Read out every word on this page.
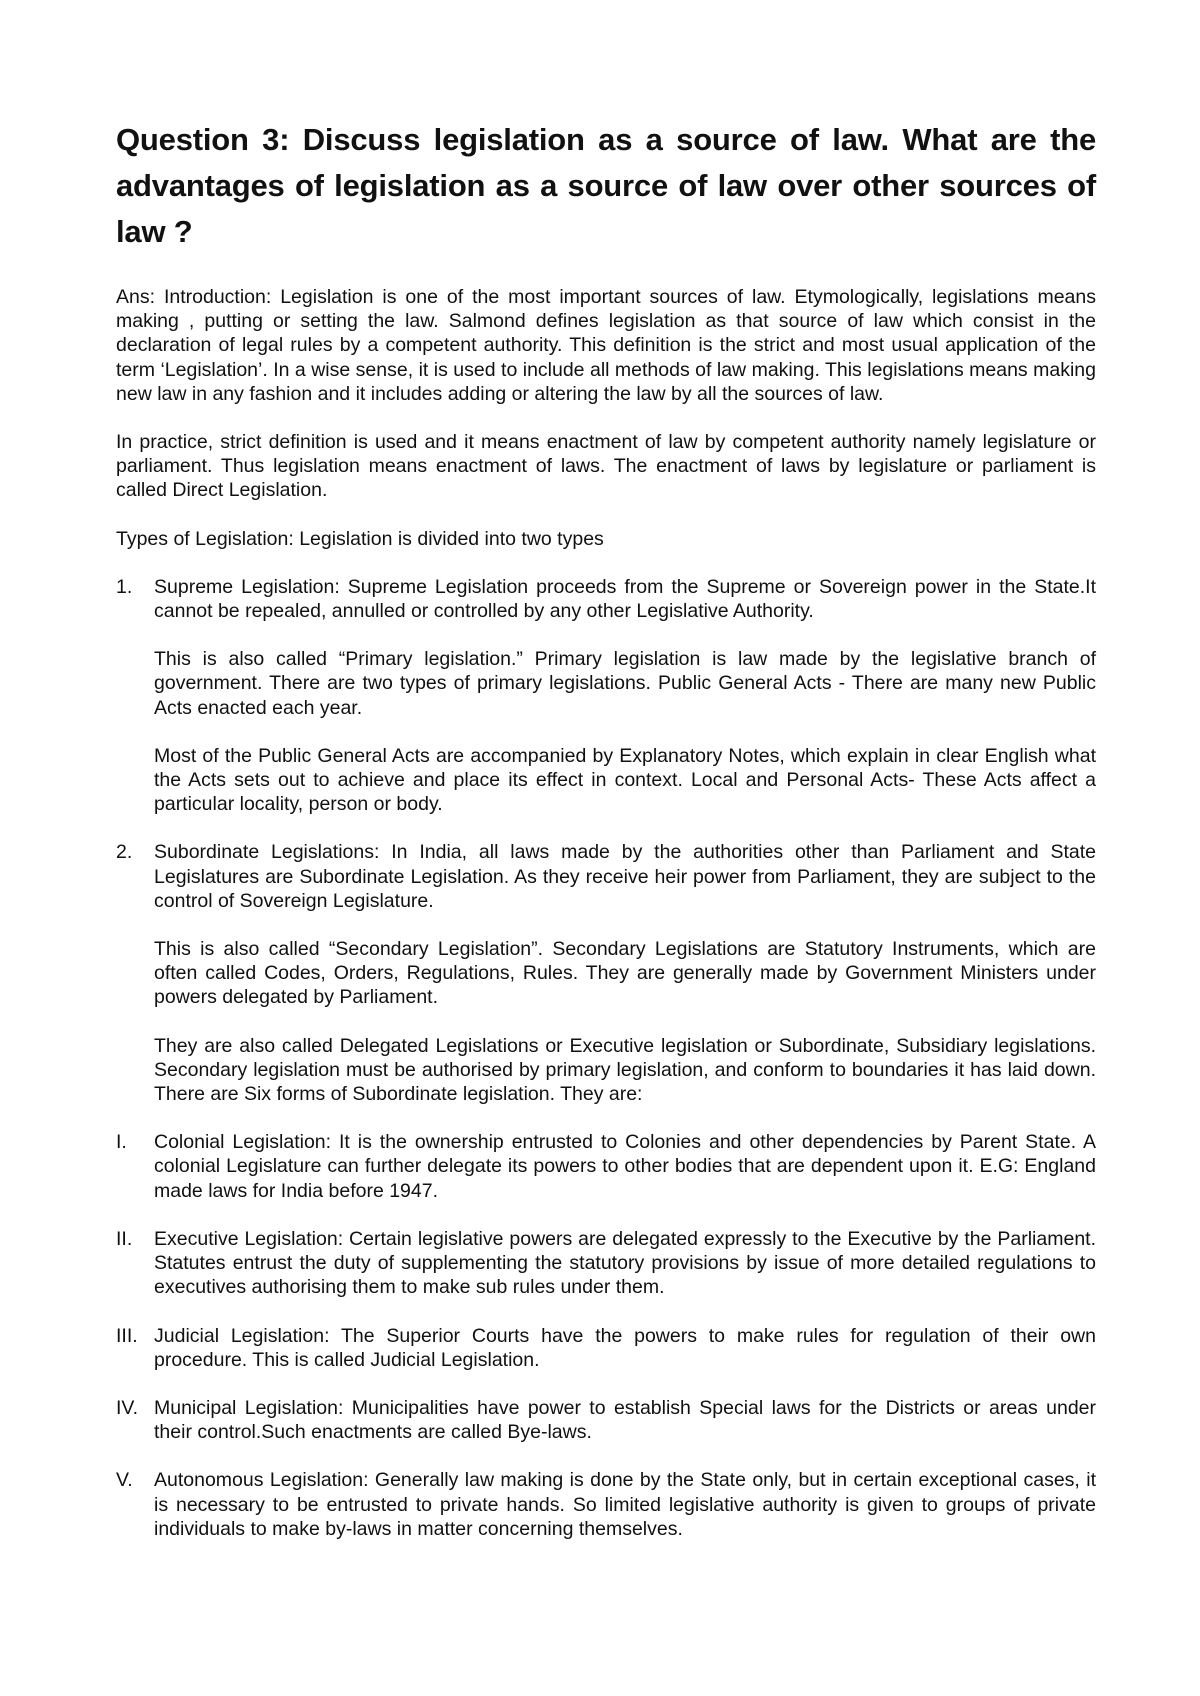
Question 3: Discuss legislation as a source of law. What are the advantages of legislation as a source of law over other sources of law ?

Ans: Introduction: Legislation is one of the most important sources of law. Etymologically, legislations means making , putting or setting the law. Salmond defines legislation as that source of law which consist in the declaration of legal rules by a competent authority. This definition is the strict and most usual application of the term ‘Legislation’. In a wise sense, it is used to include all methods of law making. This legislations means making new law in any fashion and it includes adding or altering the law by all the sources of law.

In practice, strict definition is used and it means enactment of law by competent authority namely legislature or parliament. Thus legislation means enactment of laws. The enactment of laws by legislature or parliament is called Direct Legislation.

Types of Legislation: Legislation is divided into two types

1. Supreme Legislation: Supreme Legislation proceeds from the Supreme or Sovereign power in the State.It cannot be repealed, annulled or controlled by any other Legislative Authority.

This is also called “Primary legislation.” Primary legislation is law made by the legislative branch of government. There are two types of primary legislations. Public General Acts - There are many new Public Acts enacted each year.

Most of the Public General Acts are accompanied by Explanatory Notes, which explain in clear English what the Acts sets out to achieve and place its effect in context. Local and Personal Acts- These Acts affect a particular locality, person or body.

2. Subordinate Legislations: In India, all laws made by the authorities other than Parliament and State Legislatures are Subordinate Legislation. As they receive heir power from Parliament, they are subject to the control of Sovereign Legislature.

This is also called “Secondary Legislation”. Secondary Legislations are Statutory Instruments, which are often called Codes, Orders, Regulations, Rules. They are generally made by Government Ministers under powers delegated by Parliament.

They are also called Delegated Legislations or Executive legislation or Subordinate, Subsidiary legislations. Secondary legislation must be authorised by primary legislation, and conform to boundaries it has laid down. There are Six forms of Subordinate legislation. They are:

I. Colonial Legislation: It is the ownership entrusted to Colonies and other dependencies by Parent State. A colonial Legislature can further delegate its powers to other bodies that are dependent upon it. E.G: England made laws for India before 1947.

II. Executive Legislation: Certain legislative powers are delegated expressly to the Executive by the Parliament. Statutes entrust the duty of supplementing the statutory provisions by issue of more detailed regulations to executives authorising them to make sub rules under them.

III. Judicial Legislation: The Superior Courts have the powers to make rules for regulation of their own procedure. This is called Judicial Legislation.

IV. Municipal Legislation: Municipalities have power to establish Special laws for the Districts or areas under their control.Such enactments are called Bye-laws.

V. Autonomous Legislation: Generally law making is done by the State only, but in certain exceptional cases, it is necessary to be entrusted to private hands. So limited legislative authority is given to groups of private individuals to make by-laws in matter concerning themselves.
